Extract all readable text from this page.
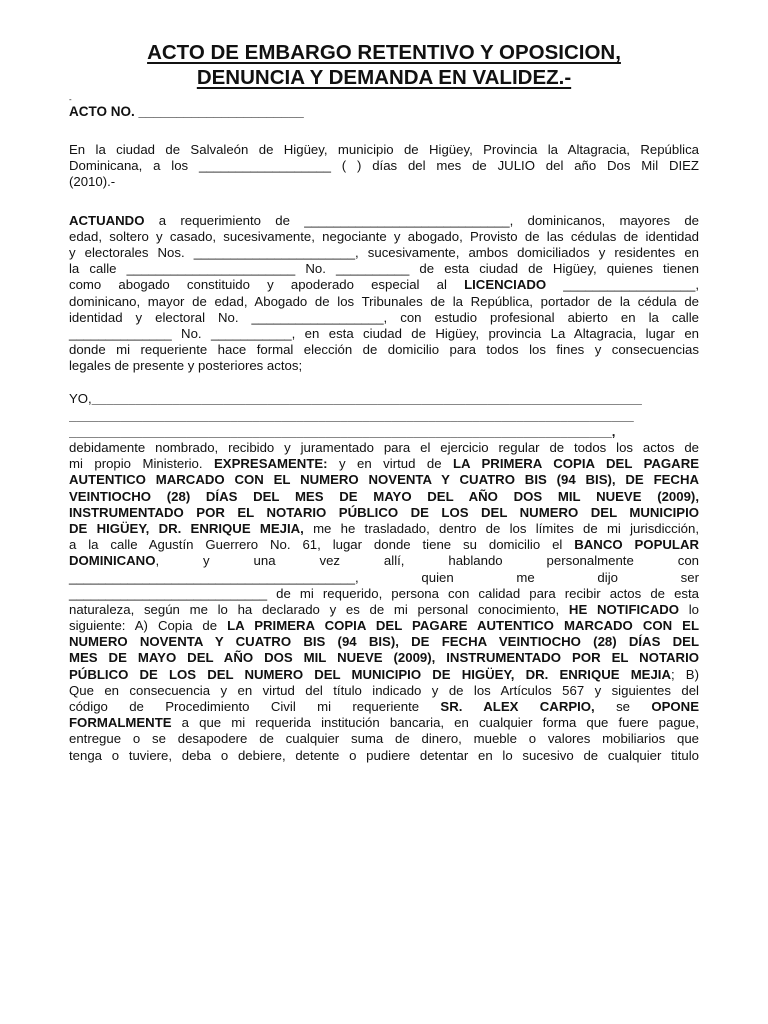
ACTO DE EMBARGO RETENTIVO Y OPOSICION,
DENUNCIA Y DEMANDA EN VALIDEZ.-
-
ACTO NO. ______________________
En la ciudad de Salvaleón de Higüey, municipio de Higüey, Provincia la Altagracia, República
Dominicana, a los __________________ ( ) días del mes de JULIO del año Dos Mil DIEZ
(2010).-
ACTUANDO a requerimiento de ____________________________, dominicanos, mayores de
edad, soltero y casado, sucesivamente, negociante y abogado, Provisto de las cédulas de identidad
y electorales Nos. ______________________, sucesivamente, ambos domiciliados y residentes en
la calle _______________________ No. __________ de esta ciudad de Higüey, quienes tienen
como abogado constituido y apoderado especial al LICENCIADO __________________,
dominicano, mayor de edad, Abogado de los Tribunales de la República, portador de la cédula de
identidad y electoral No. __________________, con estudio profesional abierto en la calle
______________ No. ___________, en esta ciudad de Higüey, provincia La Altagracia, lugar en
donde mi requeriente hace formal elección de domicilio para todos los fines y consecuencias
legales de presente y posteriores actos;
YO,___________________________________________________________________________
_____________________________________________________________________________
__________________________________________________________________________,
debidamente nombrado, recibido y juramentado para el ejercicio regular de todos los actos de
mi propio Ministerio. EXPRESAMENTE: y en virtud de LA PRIMERA COPIA DEL PAGARE
AUTENTICO MARCADO CON EL NUMERO NOVENTA Y CUATRO BIS (94 BIS), DE FECHA
VEINTIOCHO (28) DÍAS DEL MES DE MAYO DEL AÑO DOS MIL NUEVE (2009),
INSTRUMENTADO POR EL NOTARIO PÚBLICO DE LOS DEL NUMERO DEL MUNICIPIO
DE HIGÜEY, DR. ENRIQUE MEJIA, me he trasladado, dentro de los límites de mi jurisdicción,
a la calle Agustín Guerrero No. 61, lugar donde tiene su domicilio el BANCO POPULAR
DOMINICANO,          y          una          vez          allí,          hablando          personalmente          con
_______________________________________,          quien          me          dijo          ser
___________________________ de mi requerido, persona con calidad para recibir actos de esta
naturaleza, según me lo ha declarado y es de mi personal conocimiento, HE NOTIFICADO lo
siguiente: A) Copia de LA PRIMERA COPIA DEL PAGARE AUTENTICO MARCADO CON EL
NUMERO NOVENTA Y CUATRO BIS (94 BIS), DE FECHA VEINTIOCHO (28) DÍAS DEL
MES DE MAYO DEL AÑO DOS MIL NUEVE (2009), INSTRUMENTADO POR EL NOTARIO
PÚBLICO DE LOS DEL NUMERO DEL MUNICIPIO DE HIGÜEY, DR. ENRIQUE MEJIA; B)
Que en consecuencia y en virtud del título indicado y de los Artículos 567 y siguientes del
código de Procedimiento Civil mi requeriente SR. ALEX CARPIO, se OPONE
FORMALMENTE a que mi requerida institución bancaria, en cualquier forma que fuere pague,
entregue o se desapodere de cualquier suma de dinero, mueble o valores mobiliarios que
tenga o tuviere, deba o debiere, detente o pudiere detentar en lo sucesivo de cualquier titulo
